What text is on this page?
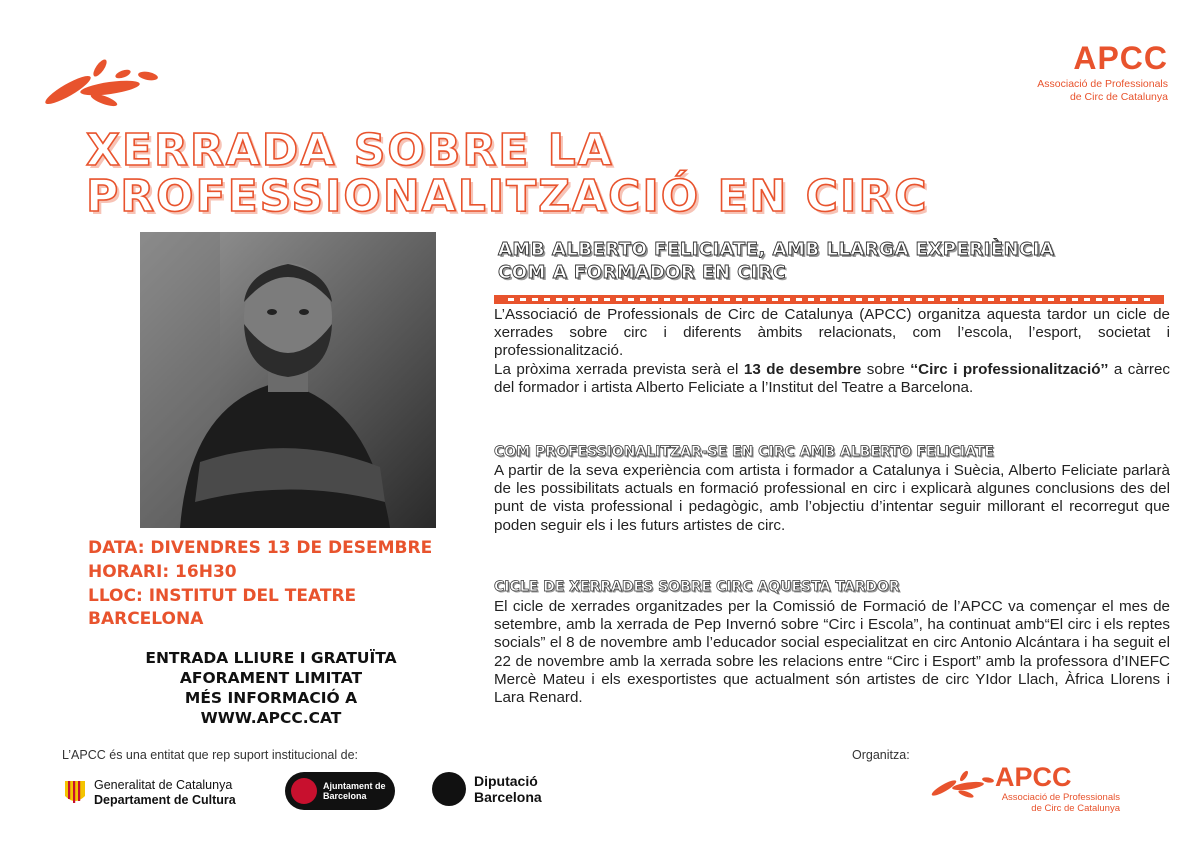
APCC
Associació de Professionals
de Circ de Catalunya
XERRADA SOBRE LA
PROFESSIONALITZACIÓ EN CIRC
AMB ALBERTO FELICIATE, AMB LLARGA EXPERIÈNCIA
COM A FORMADOR EN CIRC
L’Associació de Professionals de Circ de Catalunya (APCC) organitza aquesta tardor un cicle de xerrades sobre circ i diferents àmbits relacionats, com l’escola, l’esport, societat i professionalització.
La pròxima xerrada prevista serà el 13 de desembre sobre ‘‘Circ i professionalització’’ a càrrec del formador i artista Alberto Feliciate a l’Institut del Teatre a Barcelona.
COM PROFESSIONALITZAR-SE EN CIRC AMB ALBERTO FELICIATE
A partir de la seva experiència com artista i formador a Catalunya i Suècia, Alberto Feliciate parlarà de les possibilitats actuals en formació professional en circ i explicarà algunes conclusions des del punt de vista professional i pedagògic, amb l’objectiu d’intentar seguir millorant el recorregut que poden seguir els i les futurs artistes de circ.
CICLE DE XERRADES SOBRE CIRC AQUESTA TARDOR
El cicle de xerrades organitzades per la Comissió de Formació de l’APCC va començar el mes de setembre, amb la xerrada de Pep Invernó sobre “Circ i Escola”, ha continuat amb“El circ i els reptes socials” el 8 de novembre amb l’educador social especialitzat en circ Antonio Alcántara i ha seguit el 22 de novembre amb la xerrada sobre les relacions entre “Circ i Esport” amb la professora d’INEFC Mercè Mateu i els exesportistes que actualment són artistes de circ YIdor Llach, Àfrica Llorens i Lara Renard.
DATA: DIVENDRES 13 DE DESEMBRE
HORARI: 16H30
LLOC: INSTITUT DEL TEATRE
BARCELONA
ENTRADA LLIURE I GRATUÏTA
AFORAMENT LIMITAT
MÉS INFORMACIÓ A
WWW.APCC.CAT
L’APCC és una entitat que rep suport institucional de:	Organitza:
Generalitat de Catalunya
Departament de Cultura
Ajuntament de
Barcelona
Diputació
Barcelona
APCC
Associació de Professionals
de Circ de Catalunya
